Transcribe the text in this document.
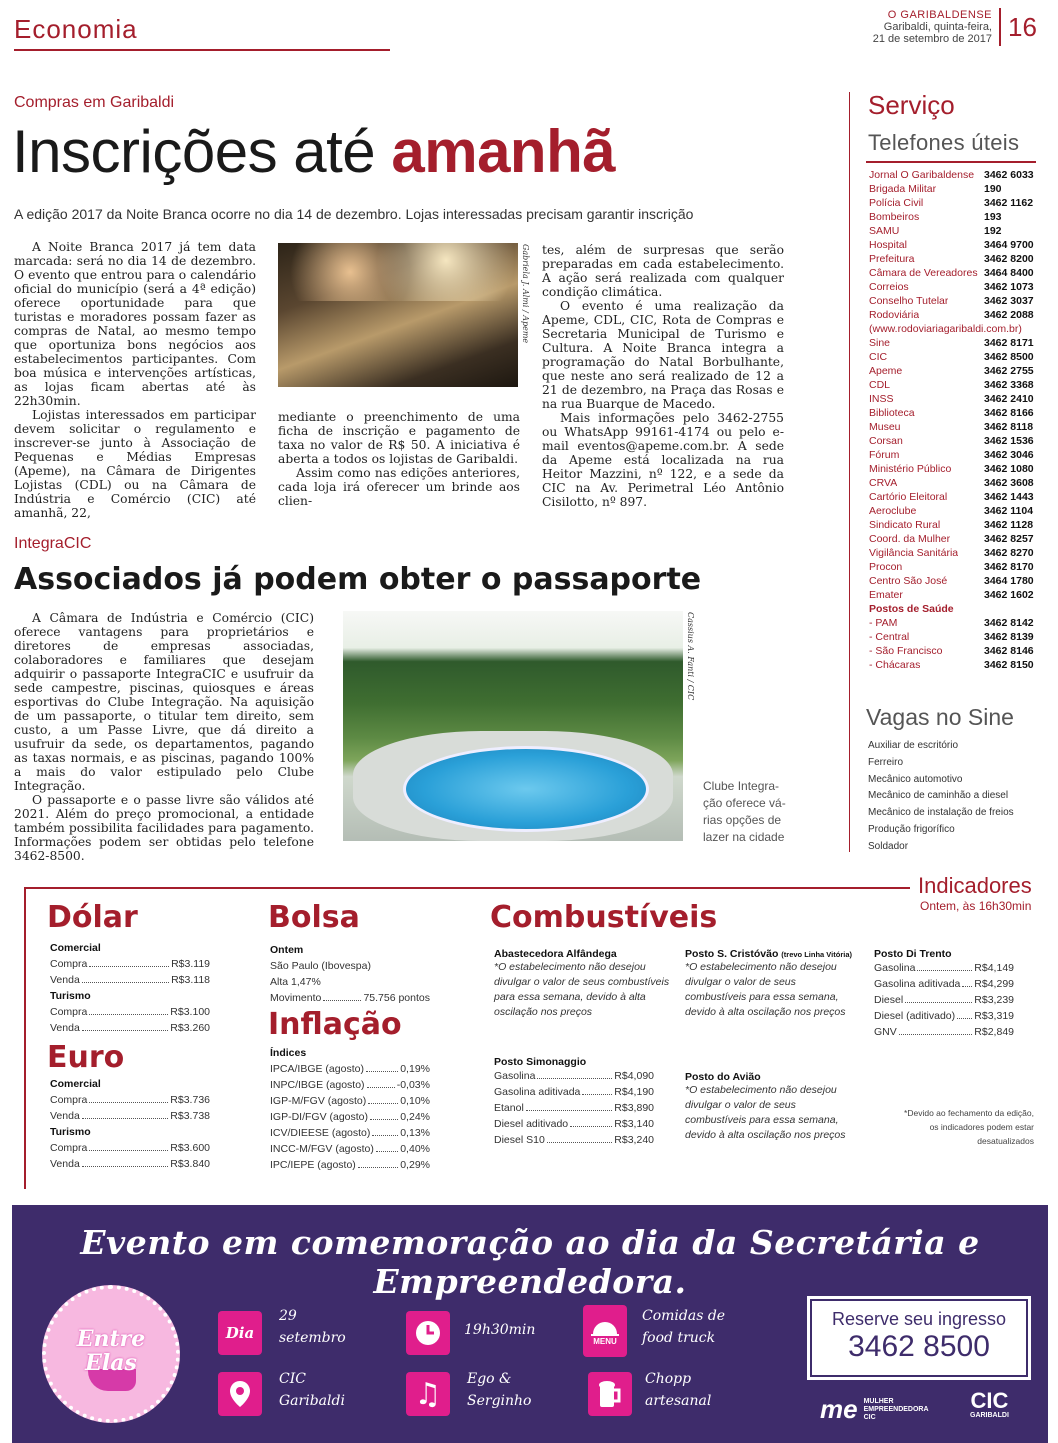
Economia	O GARIBALDENSE
Garibaldi, quinta-feira,
21 de setembro de 2017 16
Compras em Garibaldi
Inscrições até amanhã
A edição 2017 da Noite Branca ocorre no dia 14 de dezembro. Lojas interessadas precisam garantir inscrição

A Noite Branca 2017 já tem data marcada: será no dia 14 de dezembro. O evento que entrou para o calendário oficial do município (será a 4ª edição) oferece oportunidade para que turistas e moradores possam fazer as compras de Natal, ao mesmo tempo que oportuniza bons negócios aos estabelecimentos participantes. Com boa música e intervenções artísticas, as lojas ficam abertas até às 22h30min.

Lojistas interessados em participar devem solicitar o regulamento e inscrever-se junto à Associação de Pequenas e Médias Empresas (Apeme), na Câmara de Dirigentes Lojistas (CDL) ou na Câmara de Indústria e Comércio (CIC) até amanhã, 22,

Gabriela J. Almi / Apeme

mediante o preenchimento de uma ficha de inscrição e pagamento de taxa no valor de R$ 50. A iniciativa é aberta a todos os lojistas de Garibaldi.

Assim como nas edições anteriores, cada loja irá oferecer um brinde aos clien-

tes, além de surpresas que serão preparadas em cada estabelecimento. A ação será realizada com qualquer condição climática.

O evento é uma realização da Apeme, CDL, CIC, Rota de Compras e Secretaria Municipal de Turismo e Cultura. A Noite Branca integra a programação do Natal Borbulhante, que neste ano será realizado de 12 a 21 de dezembro, na Praça das Rosas e na rua Buarque de Macedo.

Mais informações pelo 3462-2755 ou WhatsApp 99161-4174 ou pelo e-mail eventos@apeme.com.br. A sede da Apeme está localizada na rua Heitor Mazzini, nº 122, e a sede da CIC na Av. Perimetral Léo Antônio Cisilotto, nº 897.

IntegraCIC
Associados já podem obter o passaporte

A Câmara de Indústria e Comércio (CIC) oferece vantagens para proprietários e diretores de empresas associadas, colaboradores e familiares que desejam adquirir o passaporte IntegraCIC e usufruir da sede campestre, piscinas, quiosques e áreas esportivas do Clube Integração. Na aquisição de um passaporte, o titular tem direito, sem custo, a um Passe Livre, que dá direito a usufruir da sede, os departamentos, pagando as taxas normais, e as piscinas, pagando 100% a mais do valor estipulado pelo Clube Integração.

O passaporte e o passe livre são válidos até 2021. Além do preço promocional, a entidade também possibilita facilidades para pagamento. Informações podem ser obtidas pelo telefone 3462-8500.

Cassius A. Fanti / CIC
Clube Integra-
ção oferece vá-
rias opções de
lazer na cidade
Serviço
Telefones úteis
Jornal O Garibaldense 3462 6033
Brigada Militar	190
Polícia Civil	3462 1162
Bombeiros	193
SAMU	192
Hospital	3464 9700
Prefeitura	3462 8200
Câmara de Vereadores 3464 8400
Correios	3462 1073
Conselho Tutelar	3462 3037
Rodoviária	3462 2088
(www.rodoviariagaribaldi.com.br)
Sine	3462 8171
CIC	3462 8500
Apeme	3462 2755
CDL	3462 3368
INSS	3462 2410
Biblioteca	3462 8166
Museu	3462 8118
Corsan	3462 1536
Fórum	3462 3046
Ministério Público	3462 1080
CRVA	3462 3608
Cartório Eleitoral	3462 1443
Aeroclube	3462 1104
Sindicato Rural	3462 1128
Coord. da Mulher	3462 8257
Vigilância Sanitária 3462 8270
Procon	3462 8170
Centro São José	3464 1780
Emater	3462 1602
Postos de Saúde
- PAM	3462 8142
- Central	3462 8139
- São Francisco	3462 8146
- Chácaras	3462 8150
Vagas no Sine
Auxiliar de escritório
Ferreiro
Mecânico automotivo
Mecânico de caminhão a diesel
Mecânico de instalação de freios
Produção frigorífico
Soldador
Indicadores
Ontem, às 16h30min
Dólar
Comercial
Compra	R$3.119
Venda	R$3.118
Turismo
Compra	R$3.100
Venda	R$3.260
Euro
Comercial
Compra	R$3.736
Venda	R$3.738
Turismo
Compra	R$3.600
Venda	R$3.840
Bolsa
Ontem
São Paulo (Ibovespa)
Alta 1,47%
Movimento	75.756 pontos
Inflação
Índices
IPCA/IBGE (agosto)	0,19%
INPC/IBGE (agosto)	-0,03%
IGP-M/FGV (agosto)	0,10%
IGP-DI/FGV (agosto)	0,24%
ICV/DIEESE (agosto)	0,13%
INCC-M/FGV (agosto)	0,40%
IPC/IEPE (agosto)	0,29%
Combustíveis
Abastecedora Alfândega
*O estabelecimento não desejou divulgar o valor de seus combustíveis para essa semana, devido à alta oscilação nos preços
Posto S. Cristóvão (trevo Linha Vitória)
*O estabelecimento não desejou divulgar o valor de seus combustíveis para essa semana, devido à alta oscilação nos preços
Posto Di Trento
Gasolina	R$4,149
Gasolina aditivada R$4,299
Diesel	R$3,239
Diesel (aditivado) R$3,319
GNV	R$2,849
Posto Simonaggio
Gasolina	R$4,090
Gasolina aditivada	R$4,190
Etanol	R$3,890
Diesel aditivado	R$3,140
Diesel S10	R$3,240
Posto do Avião
*O estabelecimento não desejou divulgar o valor de seus combustíveis para essa semana, devido à alta oscilação nos preços
*Devido ao fechamento da edição, os indicadores podem estar desatualizados
Evento em comemoração ao dia da Secretária e Empreendedora.
Entre
Elas
Dia
29
setembro	19h30min
MENU
Comidas de
food truck
CIC
Garibaldi ♫ Ego &
Serginho
Chopp
artesanal
Reserve seu ingresso
3462 8500
me MULHER
EMPREENDEDORA
CIC
CIC
GARIBALDI
